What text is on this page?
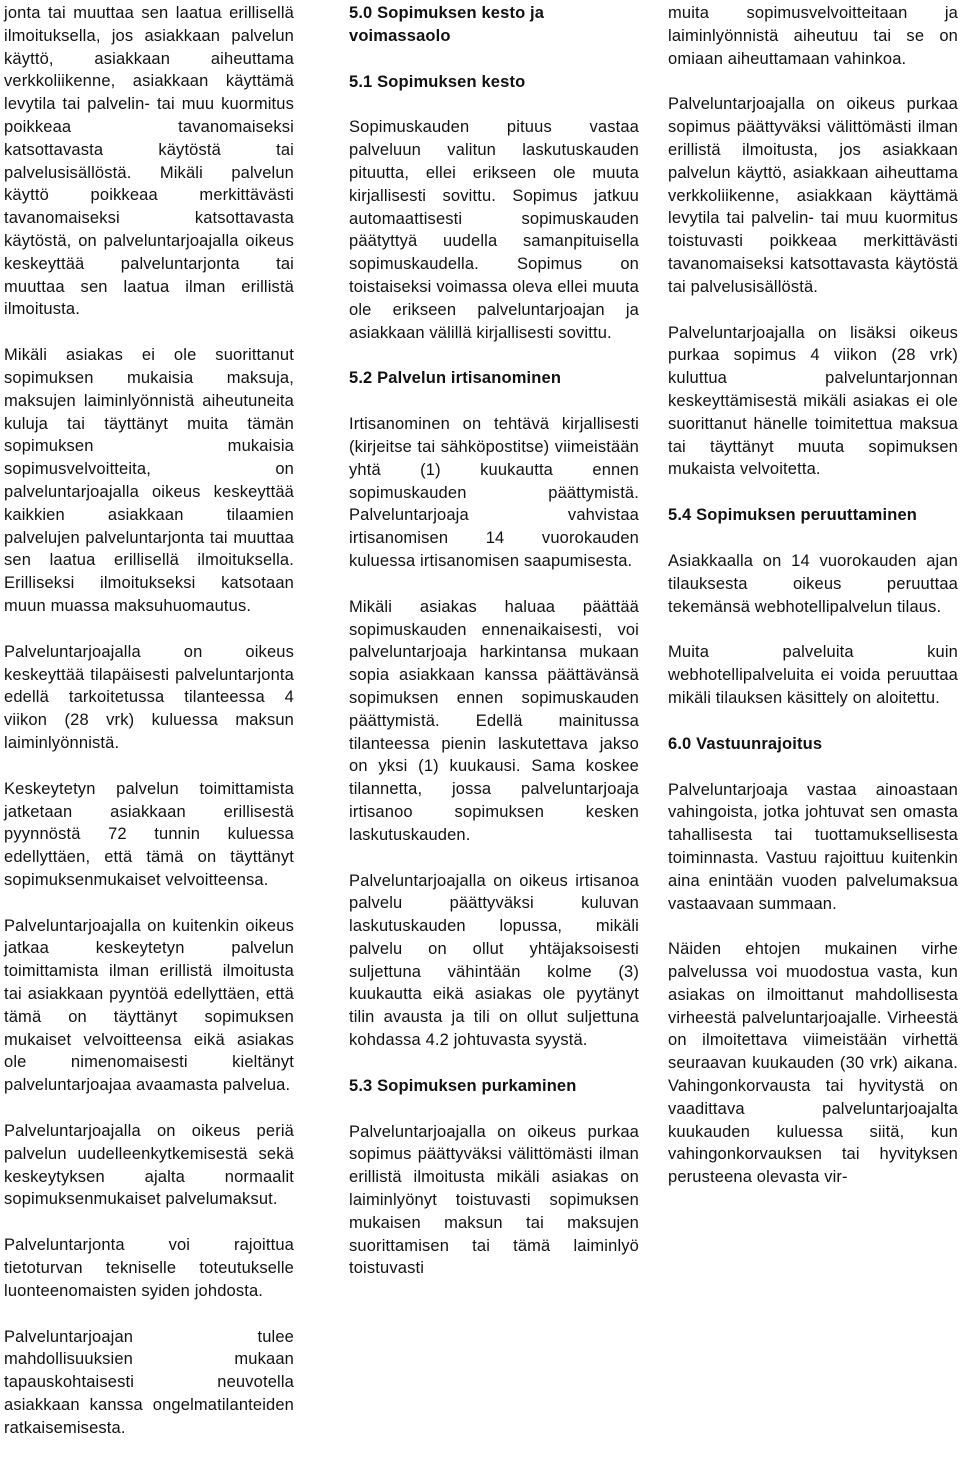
jonta tai muuttaa sen laatua erillisellä ilmoituksella, jos asiakkaan palvelun käyttö, asiakkaan aiheuttama verkkoliikenne, asiakkaan käyttämä levytila tai palvelin- tai muu kuormitus poikkeaa tavanomaiseksi katsottavasta käytöstä tai palvelusisällöstä. Mikäli palvelun käyttö poikkeaa merkittävästi tavanomaiseksi katsottavasta käytöstä, on palveluntarjoajalla oikeus keskeyttää palveluntarjonta tai muuttaa sen laatua ilman erillistä ilmoitusta.

Mikäli asiakas ei ole suorittanut sopimuksen mukaisia maksuja, maksujen laiminlyönnistä aiheutuneita kuluja tai täyttänyt muita tämän sopimuksen mukaisia sopimusvelvoitteita, on palveluntarjoajalla oikeus keskeyttää kaikkien asiakkaan tilaamien palvelujen palveluntarjonta tai muuttaa sen laatua erillisellä ilmoituksella. Erilliseksi ilmoitukseksi katsotaan muun muassa maksuhuomautus.

Palveluntarjoajalla on oikeus keskeyttää tilapäisesti palveluntarjonta edellä tarkoitetussa tilanteessa 4 viikon (28 vrk) kuluessa maksun laiminlyönnistä.

Keskeytetyn palvelun toimittamista jatketaan asiakkaan erillisestä pyynnöstä 72 tunnin kuluessa edellyttäen, että tämä on täyttänyt sopimuksenmukaiset velvoitteensa.

Palveluntarjoajalla on kuitenkin oikeus jatkaa keskeytetyn palvelun toimittamista ilman erillistä ilmoitusta tai asiakkaan pyyntöä edellyttäen, että tämä on täyttänyt sopimuksen mukaiset velvoitteensa eikä asiakas ole nimenomaisesti kieltänyt palveluntarjoajaa avaamasta palvelua.

Palveluntarjoajalla on oikeus periä palvelun uudelleenkytkemisestä sekä keskeytyksen ajalta normaalit sopimuksenmukaiset palvelumaksut.

Palveluntarjonta voi rajoittua tietoturvan tekniselle toteutukselle luonteenomaisten syiden johdosta.

Palveluntarjoajan tulee mahdollisuuksien mukaan tapauskohtaisesti neuvotella asiakkaan kanssa ongelmatilanteiden ratkaisemisesta.

5.0 Sopimuksen kesto ja voimassaolo
5.1 Sopimuksen kesto

Sopimuskauden pituus vastaa palveluun valitun laskutuskauden pituutta, ellei erikseen ole muuta kirjallisesti sovittu. Sopimus jatkuu automaattisesti sopimuskauden päätyttyä uudella samanpituisella sopimuskaudella. Sopimus on toistaiseksi voimassa oleva ellei muuta ole erikseen palveluntarjoajan ja asiakkaan välillä kirjallisesti sovittu.

5.2 Palvelun irtisanominen

Irtisanominen on tehtävä kirjallisesti (kirjeitse tai sähköpostitse) viimeistään yhtä (1) kuukautta ennen sopimuskauden päättymistä. Palveluntarjoaja vahvistaa irtisanomisen 14 vuorokauden kuluessa irtisanomisen saapumisesta.

Mikäli asiakas haluaa päättää sopimuskauden ennenaikaisesti, voi palveluntarjoaja harkintansa mukaan sopia asiakkaan kanssa päättävänsä sopimuksen ennen sopimuskauden päättymistä. Edellä mainitussa tilanteessa pienin laskutettava jakso on yksi (1) kuukausi. Sama koskee tilannetta, jossa palveluntarjoaja irtisanoo sopimuksen kesken laskutuskauden.

Palveluntarjoajalla on oikeus irtisanoa palvelu päättyväksi kuluvan laskutuskauden lopussa, mikäli palvelu on ollut yhtäjaksoisesti suljettuna vähintään kolme (3) kuukautta eikä asiakas ole pyytänyt tilin avausta ja tili on ollut suljettuna kohdassa 4.2 johtuvasta syystä.

5.3 Sopimuksen purkaminen

Palveluntarjoajalla on oikeus purkaa sopimus päättyväksi välittömästi ilman erillistä ilmoitusta mikäli asiakas on laiminlyönyt toistuvasti sopimuksen mukaisen maksun tai maksujen suorittamisen tai tämä laiminlyö toistuvasti

muita sopimusvelvoitteitaan ja laiminlyönnistä aiheutuu tai se on omiaan aiheuttamaan vahinkoa.

Palveluntarjoajalla on oikeus purkaa sopimus päättyväksi välittömästi ilman erillistä ilmoitusta, jos asiakkaan palvelun käyttö, asiakkaan aiheuttama verkkoliikenne, asiakkaan käyttämä levytila tai palvelin- tai muu kuormitus toistuvasti poikkeaa merkittävästi tavanomaiseksi katsottavasta käytöstä tai palvelusisällöstä.

Palveluntarjoajalla on lisäksi oikeus purkaa sopimus 4 viikon (28 vrk) kuluttua palveluntarjonnan keskeyttämisestä mikäli asiakas ei ole suorittanut hänelle toimitettua maksua tai täyttänyt muuta sopimuksen mukaista velvoitetta.

5.4 Sopimuksen peruuttaminen

Asiakkaalla on 14 vuorokauden ajan tilauksesta oikeus peruuttaa tekemänsä webhotellipalvelun tilaus.

Muita palveluita kuin webhotellipalveluita ei voida peruuttaa mikäli tilauksen käsittely on aloitettu.

6.0 Vastuunrajoitus

Palveluntarjoaja vastaa ainoastaan vahingoista, jotka johtuvat sen omasta tahallisesta tai tuottamuksellisesta toiminnasta. Vastuu rajoittuu kuitenkin aina enintään vuoden palvelumaksua vastaavaan summaan.

Näiden ehtojen mukainen virhe palvelussa voi muodostua vasta, kun asiakas on ilmoittanut mahdollisesta virheestä palveluntarjoajalle. Virheestä on ilmoitettava viimeistään virhettä seuraavan kuukauden (30 vrk) aikana. Vahingonkorvausta tai hyvitystä on vaadittava palveluntarjoajalta kuukauden kuluessa siitä, kun vahingonkorvauksen tai hyvityksen perusteena olevasta vir-
